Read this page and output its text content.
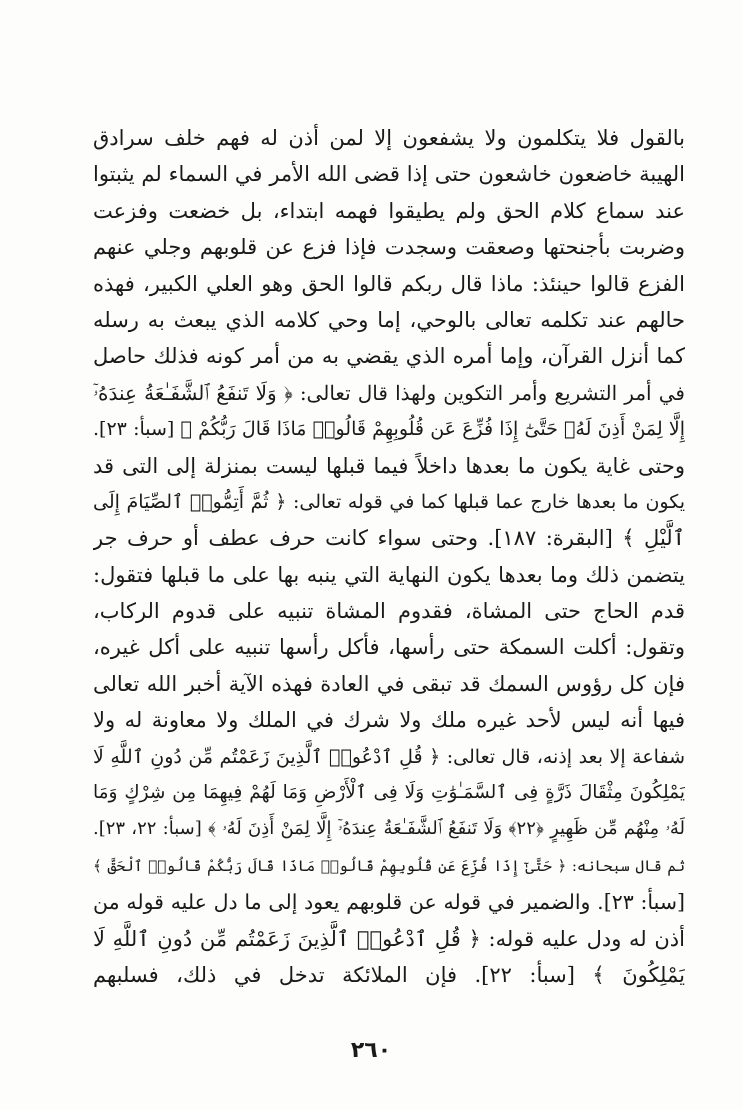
بالقول فلا يتكلمون ولا يشفعون إلا لمن أذن له فهم خلف سرادق
الهيبة خاضعون خاشعون حتى إذا قضى الله الأمر في السماء لم يثبتوا
عند سماع كلام الحق ولم يطيقوا فهمه ابتداء، بل خضعت وفزعت
وضربت بأجنحتها وصعقت وسجدت فإذا فزع عن قلوبهم وجلي عنهم
الفزع قالوا حينئذ: ماذا قال ربكم قالوا الحق وهو العلي الكبير، فهذه
حالهم عند تكلمه تعالى بالوحي، إما وحي كلامه الذي يبعث به رسله
كما أنزل القرآن، وإما أمره الذي يقضي به من أمر كونه فذلك حاصل
في أمر التشريع وأمر التكوين ولهذا قال تعالى: ﴿ وَلَا تَنفَعُ ٱلشَّفَـٰعَةُ عِندَهُۥٓ
إِلَّا لِمَنْ أَذِنَ لَهُۥ حَتَّىٰٓ إِذَا فُزِّعَ عَن قُلُوبِهِمْ قَالُوا۟ مَاذَا قَالَ رَبُّكُمْ ﴾ [سبأ: ٢٣].
وحتى غاية يكون ما بعدها داخلاً فيما قبلها ليست بمنزلة إلى التى قد
يكون ما بعدها خارج عما قبلها كما في قوله تعالى: ﴿ ثُمَّ أَتِمُّوا۟ ٱلصِّيَامَ إِلَى
ٱلَّيْلِ ﴾ [البقرة: ١٨٧]. وحتى سواء كانت حرف عطف أو حرف جر
يتضمن ذلك وما بعدها يكون النهاية التي ينبه بها على ما قبلها فتقول:
قدم الحاج حتى المشاة، فقدوم المشاة تنبيه على قدوم الركاب،
وتقول: أكلت السمكة حتى رأسها، فأكل رأسها تنبيه على أكل غيره،
فإن كل رؤوس السمك قد تبقى في العادة فهذه الآية أخبر الله تعالى
فيها أنه ليس لأحد غيره ملك ولا شرك في الملك ولا معاونة له ولا
شفاعة إلا بعد إذنه، قال تعالى: ﴿ قُلِ ٱدْعُوا۟ ٱلَّذِينَ زَعَمْتُم مِّن دُونِ ٱللَّهِ لَا
يَمْلِكُونَ مِثْقَالَ ذَرَّةٍ فِى ٱلسَّمَـٰوَٰتِ وَلَا فِى ٱلْأَرْضِ وَمَا لَهُمْ فِيهِمَا مِن شِرْكٍ وَمَا
لَهُۥ مِنْهُم مِّن ظَهِيرٍ ﴿٢٢﴾ وَلَا تَنفَعُ ٱلشَّفَـٰعَةُ عِندَهُۥٓ إِلَّا لِمَنْ أَذِنَ لَهُۥ ﴾ [سبأ: ٢٢، ٢٣].
ثم قال سبحانه: ﴿ حَتَّىٰٓ إِذَا فُزِّعَ عَن قُلُوبِهِمْ قَالُوا۟ مَاذَا قَالَ رَبُّكُمْ قَالُوا۟ ٱلْحَقَّ ﴾
[سبأ: ٢٣]. والضمير في قوله عن قلوبهم يعود إلى ما دل عليه قوله من
أذن له ودل عليه قوله: ﴿ قُلِ ٱدْعُوا۟ ٱلَّذِينَ زَعَمْتُم مِّن دُونِ ٱللَّهِ لَا
يَمْلِكُونَ ﴾ [سبأ: ٢٢]. فإن الملائكة تدخل في ذلك، فسلبهم
٢٦٠
